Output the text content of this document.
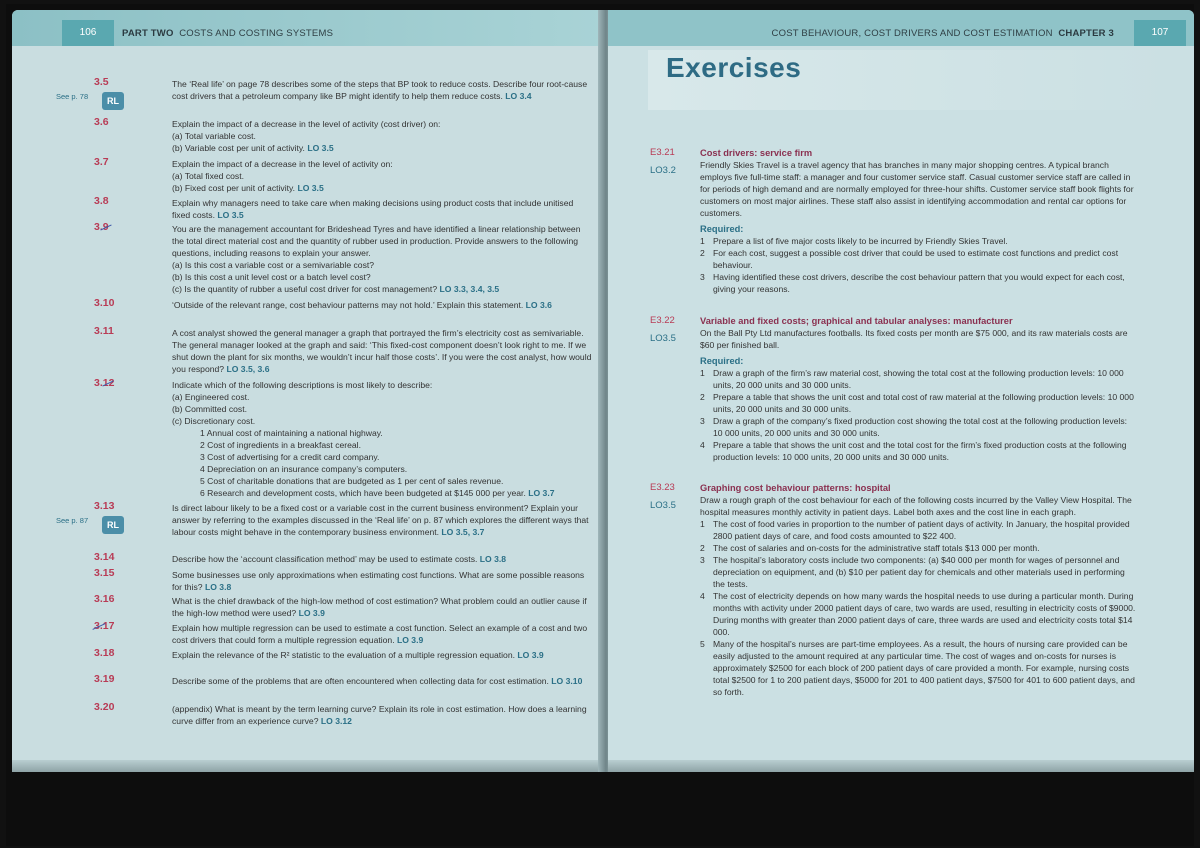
106	PART TWO COSTS AND COSTING SYSTEMS
3.5
See p. 78	RL
The ‘Real life’ on page 78 describes some of the steps that BP took to reduce costs. Describe four root-cause cost drivers that a petroleum company like BP might identify to help them reduce costs. LO 3.4
3.6	Explain the impact of a decrease in the level of activity (cost driver) on:
(a) Total variable cost.
(b) Variable cost per unit of activity. LO 3.5
3.7	Explain the impact of a decrease in the level of activity on:
(a) Total fixed cost.
(b) Fixed cost per unit of activity. LO 3.5
3.8	Explain why managers need to take care when making decisions using product costs that include unitised fixed costs. LO 3.5
3.9	You are the management accountant for Brideshead Tyres and have identified a linear relationship between the total direct material cost and the quantity of rubber used in production. Provide answers to the following questions, including reasons to explain your answer.
(a) Is this cost a variable cost or a semivariable cost?
(b) Is this cost a unit level cost or a batch level cost?
(c) Is the quantity of rubber a useful cost driver for cost management? LO 3.3, 3.4, 3.5
3.10	‘Outside of the relevant range, cost behaviour patterns may not hold.’ Explain this statement. LO 3.6
3.11	A cost analyst showed the general manager a graph that portrayed the firm’s electricity cost as semivariable. The general manager looked at the graph and said: ‘This fixed-cost component doesn’t look right to me. If we shut down the plant for six months, we wouldn’t incur half those costs’. If you were the cost analyst, how would you respond? LO 3.5, 3.6
3.12	Indicate which of the following descriptions is most likely to describe:
(a) Engineered cost.
(b) Committed cost.
(c) Discretionary cost.
1 Annual cost of maintaining a national highway.
2 Cost of ingredients in a breakfast cereal.
3 Cost of advertising for a credit card company.
4 Depreciation on an insurance company’s computers.
5 Cost of charitable donations that are budgeted as 1 per cent of sales revenue.
6 Research and development costs, which have been budgeted at $145 000 per year. LO 3.7
3.13
See p. 87	RL
Is direct labour likely to be a fixed cost or a variable cost in the current business environment? Explain your answer by referring to the examples discussed in the ‘Real life’ on p. 87 which explores the different ways that labour costs might behave in the contemporary business environment. LO 3.5, 3.7
3.14	Describe how the ‘account classification method’ may be used to estimate costs. LO 3.8
3.15	Some businesses use only approximations when estimating cost functions. What are some possible reasons for this? LO 3.8
3.16	What is the chief drawback of the high-low method of cost estimation? What problem could an outlier cause if the high-low method were used? LO 3.9
3.17	Explain how multiple regression can be used to estimate a cost function. Select an example of a cost and two cost drivers that could form a multiple regression equation. LO 3.9
3.18	Explain the relevance of the R² statistic to the evaluation of a multiple regression equation. LO 3.9
3.19	Describe some of the problems that are often encountered when collecting data for cost estimation. LO 3.10
3.20	(appendix) What is meant by the term learning curve? Explain its role in cost estimation. How does a learning curve differ from an experience curve? LO 3.12
COST BEHAVIOUR, COST DRIVERS AND COST ESTIMATION CHAPTER 3	107
Exercises
E3.21
LO3.2
Cost drivers: service firm
Friendly Skies Travel is a travel agency that has branches in many major shopping centres. A typical branch employs five full-time staff: a manager and four customer service staff. Casual customer service staff are called in for periods of high demand and are normally employed for three-hour shifts. Customer service staff book flights for customers on most major airlines. These staff also assist in identifying accommodation and rental car options for customers.
Required:
1 Prepare a list of five major costs likely to be incurred by Friendly Skies Travel.
2 For each cost, suggest a possible cost driver that could be used to estimate cost functions and predict cost behaviour.
3 Having identified these cost drivers, describe the cost behaviour pattern that you would expect for each cost, giving your reasons.
E3.22
LO3.5
Variable and fixed costs; graphical and tabular analyses: manufacturer
On the Ball Pty Ltd manufactures footballs. Its fixed costs per month are $75 000, and its raw materials costs are $60 per finished ball.
Required:
1 Draw a graph of the firm’s raw material cost, showing the total cost at the following production levels: 10 000 units, 20 000 units and 30 000 units.
2 Prepare a table that shows the unit cost and total cost of raw material at the following production levels: 10 000 units, 20 000 units and 30 000 units.
3 Draw a graph of the company’s fixed production cost showing the total cost at the following production levels: 10 000 units, 20 000 units and 30 000 units.
4 Prepare a table that shows the unit cost and the total cost for the firm’s fixed production costs at the following production levels: 10 000 units, 20 000 units and 30 000 units.
E3.23
LO3.5
Graphing cost behaviour patterns: hospital
Draw a rough graph of the cost behaviour for each of the following costs incurred by the Valley View Hospital. The hospital measures monthly activity in patient days. Label both axes and the cost line in each graph.
1 The cost of food varies in proportion to the number of patient days of activity. In January, the hospital provided 2800 patient days of care, and food costs amounted to $22 400.
2 The cost of salaries and on-costs for the administrative staff totals $13 000 per month.
3 The hospital’s laboratory costs include two components: (a) $40 000 per month for wages of personnel and depreciation on equipment, and (b) $10 per patient day for chemicals and other materials used in performing the tests.
4 The cost of electricity depends on how many wards the hospital needs to use during a particular month. During months with activity under 2000 patient days of care, two wards are used, resulting in electricity costs of $9000. During months with greater than 2000 patient days of care, three wards are used and electricity costs total $14 000.
5 Many of the hospital’s nurses are part-time employees. As a result, the hours of nursing care provided can be easily adjusted to the amount required at any particular time. The cost of wages and on-costs for nurses is approximately $2500 for each block of 200 patient days of care provided a month. For example, nursing costs total $2500 for 1 to 200 patient days, $5000 for 201 to 400 patient days, $7500 for 401 to 600 patient days, and so forth.
